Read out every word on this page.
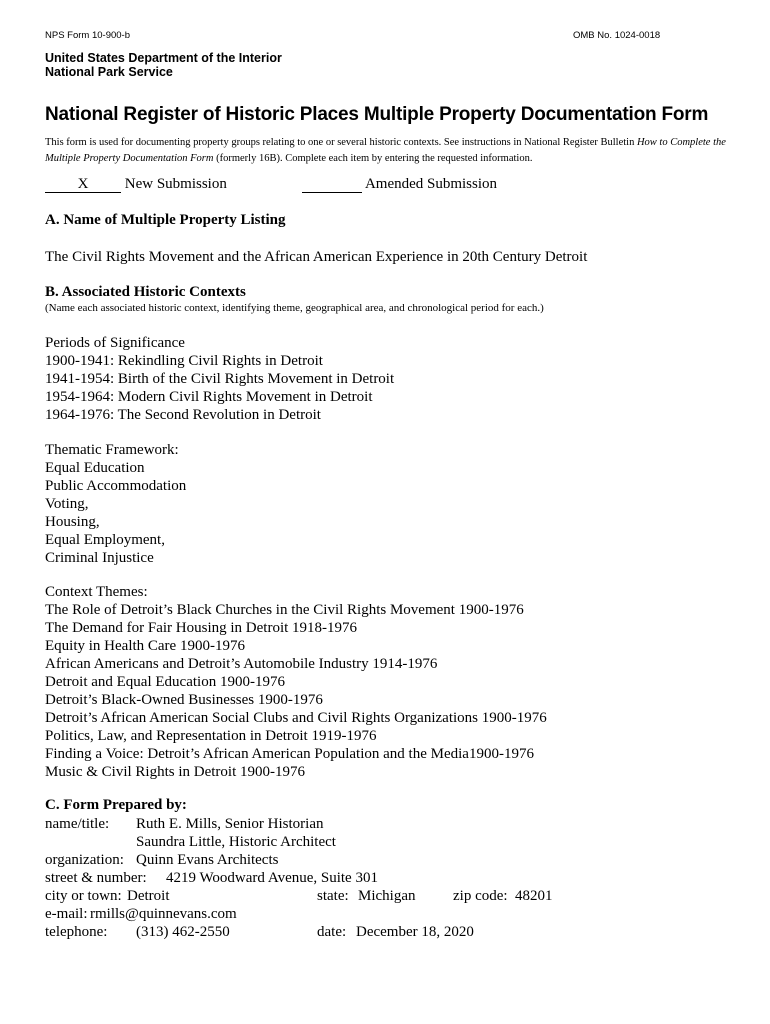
NPS Form 10-900-b	OMB No. 1024-0018
United States Department of the Interior
National Park Service
National Register of Historic Places Multiple Property Documentation Form
This form is used for documenting property groups relating to one or several historic contexts. See instructions in National Register Bulletin How to Complete the Multiple Property Documentation Form (formerly 16B). Complete each item by entering the requested information.
X New Submission	Amended Submission
A. Name of Multiple Property Listing
The Civil Rights Movement and the African American Experience in 20th Century Detroit
B. Associated Historic Contexts
(Name each associated historic context, identifying theme, geographical area, and chronological period for each.)
Periods of Significance
1900-1941: Rekindling Civil Rights in Detroit
1941-1954: Birth of the Civil Rights Movement in Detroit
1954-1964: Modern Civil Rights Movement in Detroit
1964-1976: The Second Revolution in Detroit
Thematic Framework:
Equal Education
Public Accommodation
Voting,
Housing,
Equal Employment,
Criminal Injustice
Context Themes:
The Role of Detroit’s Black Churches in the Civil Rights Movement 1900-1976
The Demand for Fair Housing in Detroit 1918-1976
Equity in Health Care 1900-1976
African Americans and Detroit’s Automobile Industry 1914-1976
Detroit and Equal Education 1900-1976
Detroit’s Black-Owned Businesses 1900-1976
Detroit’s African American Social Clubs and Civil Rights Organizations 1900-1976
Politics, Law, and Representation in Detroit 1919-1976
Finding a Voice: Detroit’s African American Population and the Media1900-1976
Music & Civil Rights in Detroit 1900-1976
C. Form Prepared by:
name/title: Ruth E. Mills, Senior Historian
Saundra Little, Historic Architect
organization: Quinn Evans Architects
street & number: 4219 Woodward Avenue, Suite 301
city or town: Detroit	state: Michigan	zip code: 48201
e-mail: rmills@quinnevans.com
telephone: (313) 462-2550	date: December 18, 2020
